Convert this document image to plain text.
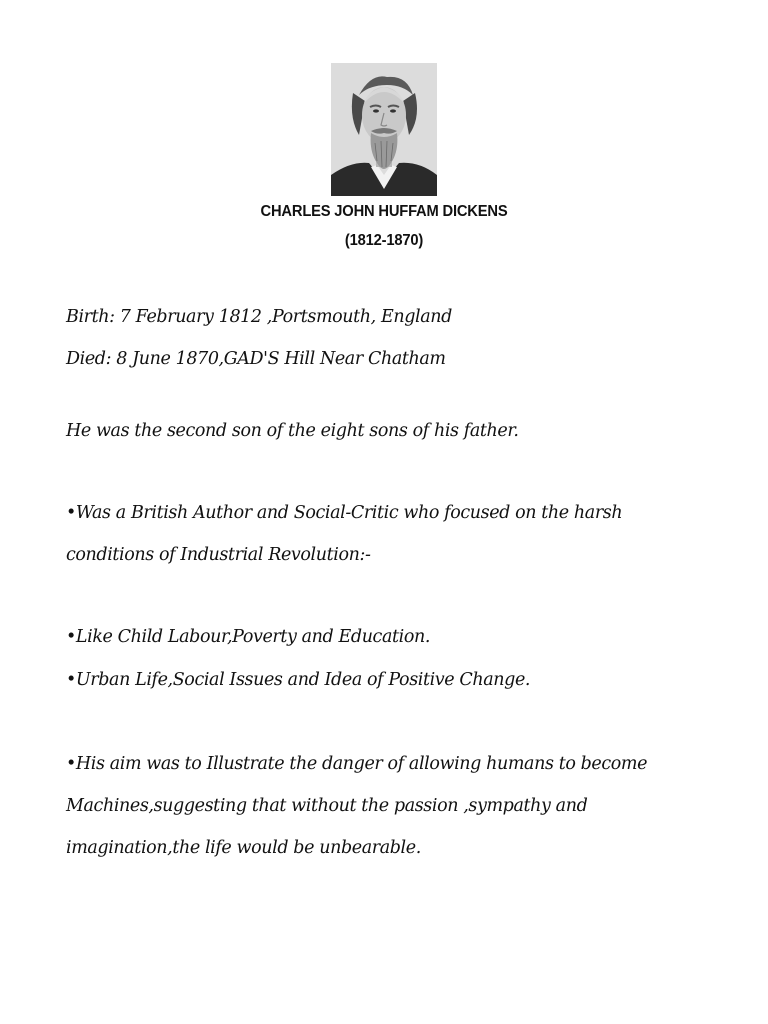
CHARLES JOHN HUFFAM DICKENS
(1812-1870)
Birth: 7 February 1812 ,Portsmouth, England
Died: 8 June 1870,GAD'S Hill Near Chatham
He was the second son of the eight sons of his father.
•Was a British Author and Social-Critic who focused on the harsh
conditions of Industrial Revolution:-
•Like Child Labour,Poverty and Education.
•Urban Life,Social Issues and Idea of Positive Change.
•His aim was to Illustrate the danger of allowing humans to become
Machines,suggesting that without the passion ,sympathy and
imagination,the life would be unbearable.
